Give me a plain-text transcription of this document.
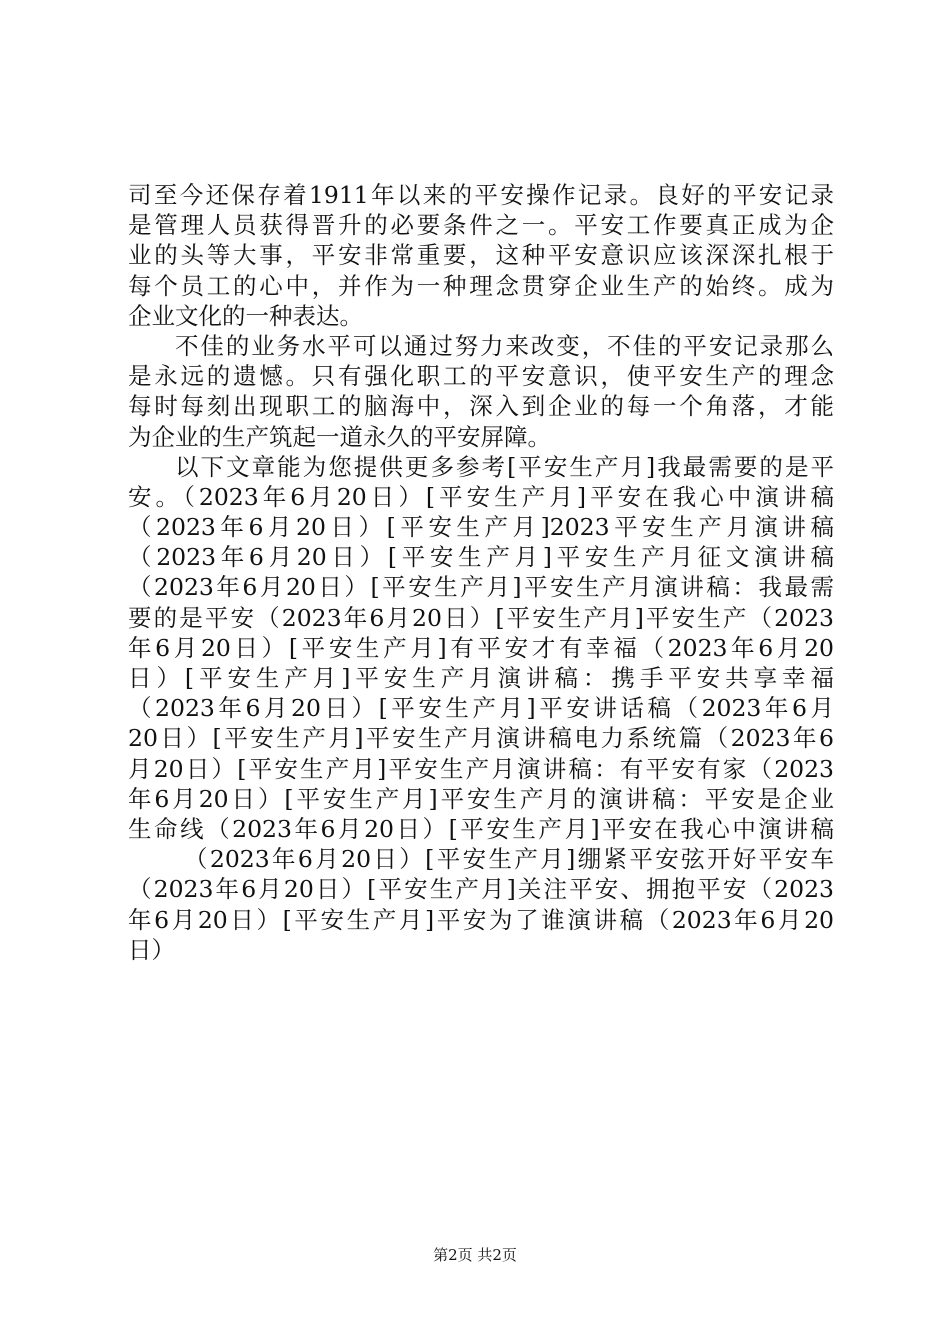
司至今还保存着1911年以来的平安操作记录。良好的平安记录
是管理人员获得晋升的必要条件之一。平安工作要真正成为企
业的头等大事，平安非常重要，这种平安意识应该深深扎根于
每个员工的心中，并作为一种理念贯穿企业生产的始终。成为
企业文化的一种表达。
不佳的业务水平可以通过努力来改变，不佳的平安记录那么
是永远的遗憾。只有强化职工的平安意识，使平安生产的理念
每时每刻出现职工的脑海中，深入到企业的每一个角落，才能
为企业的生产筑起一道永久的平安屏障。
以下文章能为您提供更多参考[平安生产月]我最需要的是平
安。（2023年6月20日）[平安生产月]平安在我心中演讲稿
（2023年6月20日）[平安生产月]2023平安生产月演讲稿
（2023年6月20日）[平安生产月]平安生产月征文演讲稿
（2023年6月20日）[平安生产月]平安生产月演讲稿：我最需
要的是平安（2023年6月20日）[平安生产月]平安生产（2023
年6月20日）[平安生产月]有平安才有幸福（2023年6月20
日）[平安生产月]平安生产月演讲稿：携手平安共享幸福
（2023年6月20日）[平安生产月]平安讲话稿（2023年6月
20日）[平安生产月]平安生产月演讲稿电力系统篇（2023年6
月20日）[平安生产月]平安生产月演讲稿：有平安有家（2023
年6月20日）[平安生产月]平安生产月的演讲稿：平安是企业
生命线（2023年6月20日）[平安生产月]平安在我心中演讲稿
（2023年6月20日）[平安生产月]绷紧平安弦开好平安车
（2023年6月20日）[平安生产月]关注平安、拥抱平安（2023
年6月20日）[平安生产月]平安为了谁演讲稿（2023年6月20
日）
第2页 共2页
